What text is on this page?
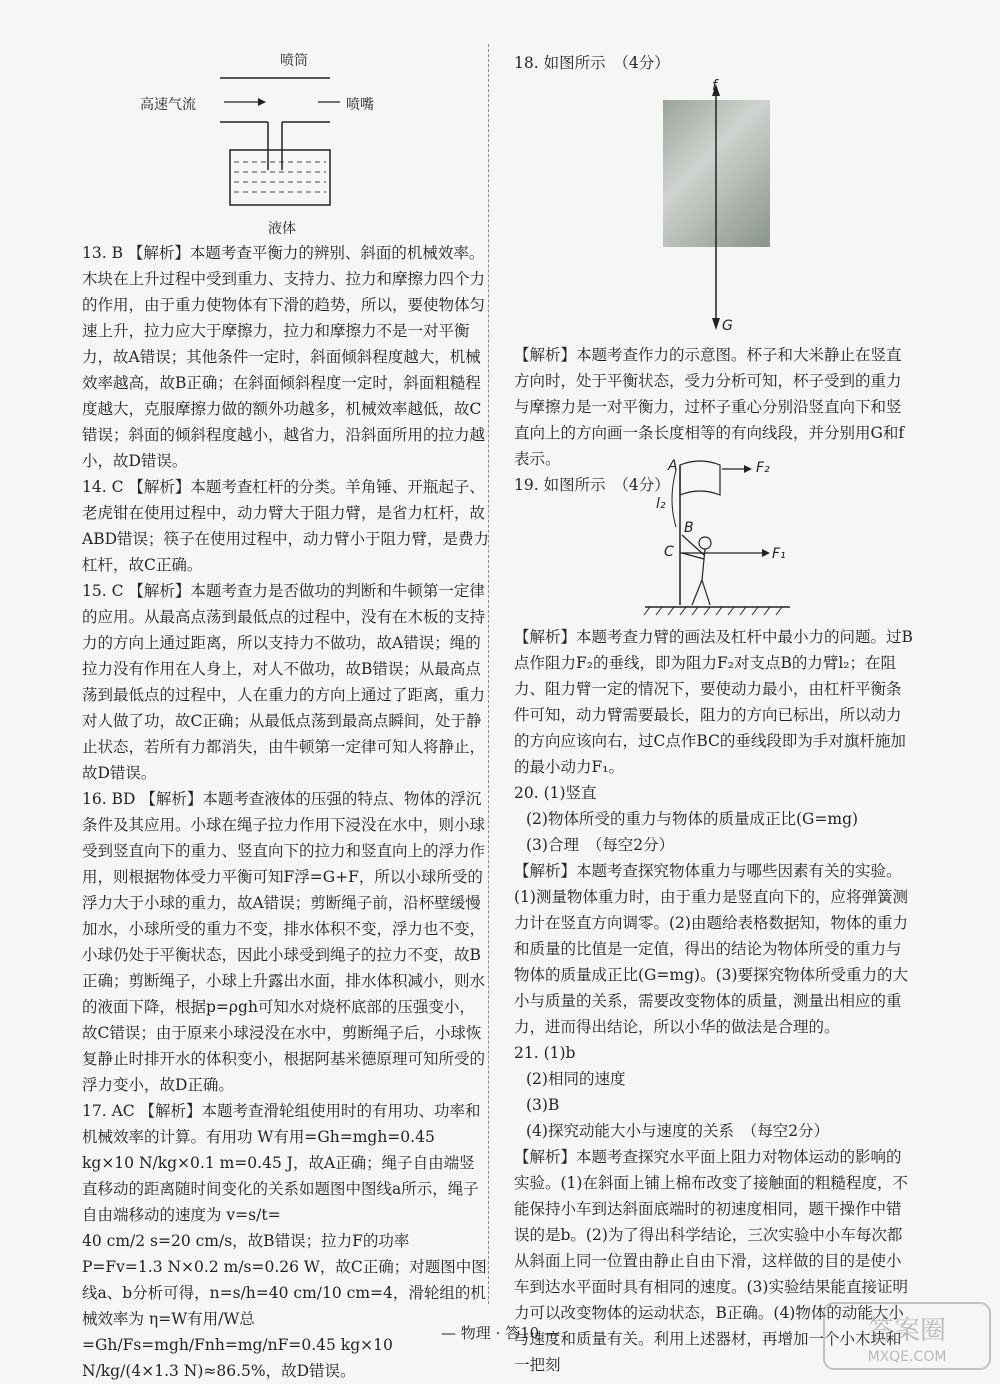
喷筒
高速气流	喷嘴
液体

13. B 【解析】本题考查平衡力的辨别、斜面的机械效率。木块在上升过程中受到重力、支持力、拉力和摩擦力四个力的作用，由于重力使物体有下滑的趋势，所以，要使物体匀速上升，拉力应大于摩擦力，拉力和摩擦力不是一对平衡力，故A错误；其他条件一定时，斜面倾斜程度越大，机械效率越高，故B正确；在斜面倾斜程度一定时，斜面粗糙程度越大，克服摩擦力做的额外功越多，机械效率越低，故C错误；斜面的倾斜程度越小，越省力，沿斜面所用的拉力越小，故D错误。

14. C 【解析】本题考查杠杆的分类。羊角锤、开瓶起子、老虎钳在使用过程中，动力臂大于阻力臂，是省力杠杆，故ABD错误；筷子在使用过程中，动力臂小于阻力臂，是费力杠杆，故C正确。

15. C 【解析】本题考查力是否做功的判断和牛顿第一定律的应用。从最高点荡到最低点的过程中，没有在木板的支持力的方向上通过距离，所以支持力不做功，故A错误；绳的拉力没有作用在人身上，对人不做功，故B错误；从最高点荡到最低点的过程中，人在重力的方向上通过了距离，重力对人做了功，故C正确；从最低点荡到最高点瞬间，处于静止状态，若所有力都消失，由牛顿第一定律可知人将静止，故D错误。

16. BD 【解析】本题考查液体的压强的特点、物体的浮沉条件及其应用。小球在绳子拉力作用下浸没在水中，则小球受到竖直向下的重力、竖直向下的拉力和竖直向上的浮力作用，则根据物体受力平衡可知F浮=G+F，所以小球所受的浮力大于小球的重力，故A错误；剪断绳子前，沿杯壁缓慢加水，小球所受的重力不变，排水体积不变，浮力也不变，小球仍处于平衡状态，因此小球受到绳子的拉力不变，故B正确；剪断绳子，小球上升露出水面，排水体积减小，则水的液面下降，根据p=ρgh可知水对烧杯底部的压强变小，故C错误；由于原来小球浸没在水中，剪断绳子后，小球恢复静止时排开水的体积变小，根据阿基米德原理可知所受的浮力变小，故D正确。

17. AC 【解析】本题考查滑轮组使用时的有用功、功率和机械效率的计算。有用功 W有用=Gh=mgh=0.45 kg×10 N/kg×0.1 m=0.45 J，故A正确；绳子自由端竖直移动的距离随时间变化的关系如题图中图线a所示，绳子自由端移动的速度为 v=s/t=

40 cm/2 s=20 cm/s，故B错误；拉力F的功率 P=Fv=1.3 N×0.2 m/s=0.26 W，故C正确；对题图中图线a、b分析可得，n=s/h=40 cm/10 cm=4，滑轮组的机械效率为 η=W有用/W总=Gh/Fs=mgh/Fnh=mg/nF=0.45 kg×10 N/kg/(4×1.3 N)≈86.5%，故D错误。

18. 如图所示　（4分）

f
G

【解析】本题考查作力的示意图。杯子和大米静止在竖直方向时，处于平衡状态，受力分析可知，杯子受到的重力与摩擦力是一对平衡力，过杯子重心分别沿竖直向下和竖直向上的方向画一条长度相等的有向线段，并分别用G和f表示。

19. 如图所示　（4分）

A	F₂
l₂
B
C	F₁

【解析】本题考查力臂的画法及杠杆中最小力的问题。过B点作阻力F₂的垂线，即为阻力F₂对支点B的力臂l₂；在阻力、阻力臂一定的情况下，要使动力最小，由杠杆平衡条件可知，动力臂需要最长，阻力的方向已标出，所以动力的方向应该向右，过C点作BC的垂线段即为手对旗杆施加的最小动力F₁。

20. (1)竖直

(2)物体所受的重力与物体的质量成正比(G=mg)

(3)合理　（每空2分）

【解析】本题考查探究物体重力与哪些因素有关的实验。(1)测量物体重力时，由于重力是竖直向下的，应将弹簧测力计在竖直方向调零。(2)由题给表格数据知，物体的重力和质量的比值是一定值，得出的结论为物体所受的重力与物体的质量成正比(G=mg)。(3)要探究物体所受重力的大小与质量的关系，需要改变物体的质量，测量出相应的重力，进而得出结论，所以小华的做法是合理的。

21. (1)b

(2)相同的速度

(3)B

(4)探究动能大小与速度的关系　（每空2分）

【解析】本题考查探究水平面上阻力对物体运动的影响的实验。(1)在斜面上铺上棉布改变了接触面的粗糙程度，不能保持小车到达斜面底端时的初速度相同，题干操作中错误的是b。(2)为了得出科学结论，三次实验中小车每次都从斜面上同一位置由静止自由下滑，这样做的目的是使小车到达水平面时具有相同的速度。(3)实验结果能直接证明力可以改变物体的运动状态，B正确。(4)物体的动能大小与速度和质量有关。利用上述器材，再增加一个小木块和一把刻

— 物理 · 答10 —	答案圈
MXQE.COM
